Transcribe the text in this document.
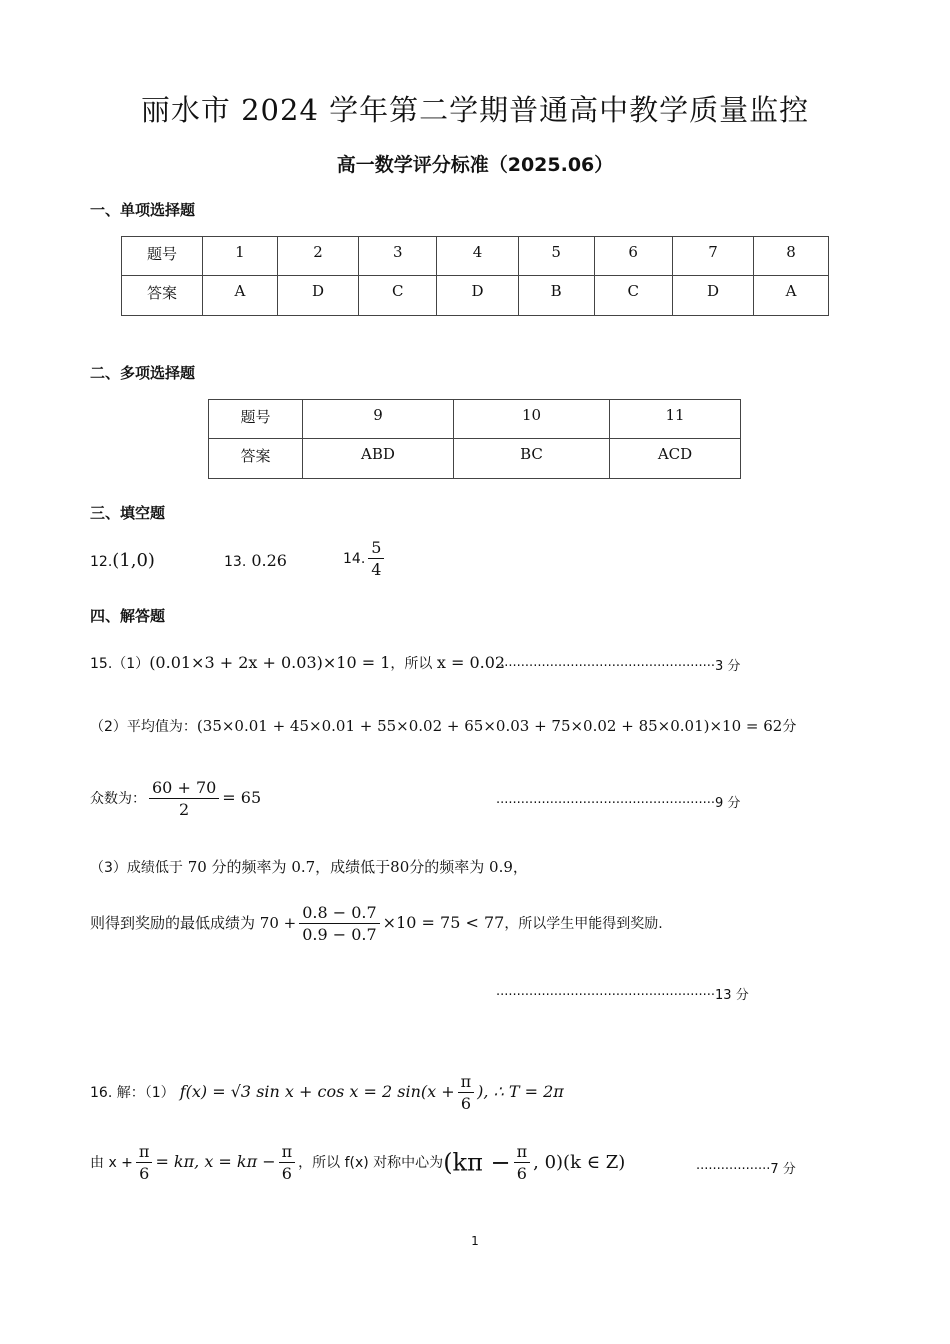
丽水市 2024 学年第二学期普通高中教学质量监控
高一数学评分标准（2025.06）
一、单项选择题
题号	1	2	3	4	5	6	7	8
答案	A	D	C	D	B	C	D	A
二、多项选择题
题号	9	10	11
答案	ABD	BC	ACD
三、填空题
12.(1,0)	13. 0.26	14. $\frac{5}{4}$
四、解答题
15.（1）(0.01×3 + 2x + 0.03)×10 = 1，所以 x = 0.02
·····················································3 分
（2）平均值为：(35×0.01 + 45×0.01 + 55×0.02 + 65×0.03 + 75×0.02 + 85×0.01)×10 = 62分
众数为： $\frac{60 + 70}{2} = 65$	·····················································9 分
（3）成绩低于 70 分的频率为 0.7，成绩低于80分的频率为 0.9，
则得到奖励的最低成绩为 $70 + \frac{0.8 - 0.7}{0.9 - 0.7} \times 10 = 75 < 77$，所以学生甲能得到奖励.
·····················································13 分
16. 解：（1） f(x) = √3 sin x + cos x = 2 $\sin(x + \frac{\pi}{6}$ ), ∴ T = 2π
由 $x + \frac{\pi}{6} = k\pi$, $x = k\pi - \frac{\pi}{6}$ ，所以 f(x) 对称中心为($k\pi - \frac{\pi}{6}$ , 0)(k ∈ Z)	··················7 分
1
